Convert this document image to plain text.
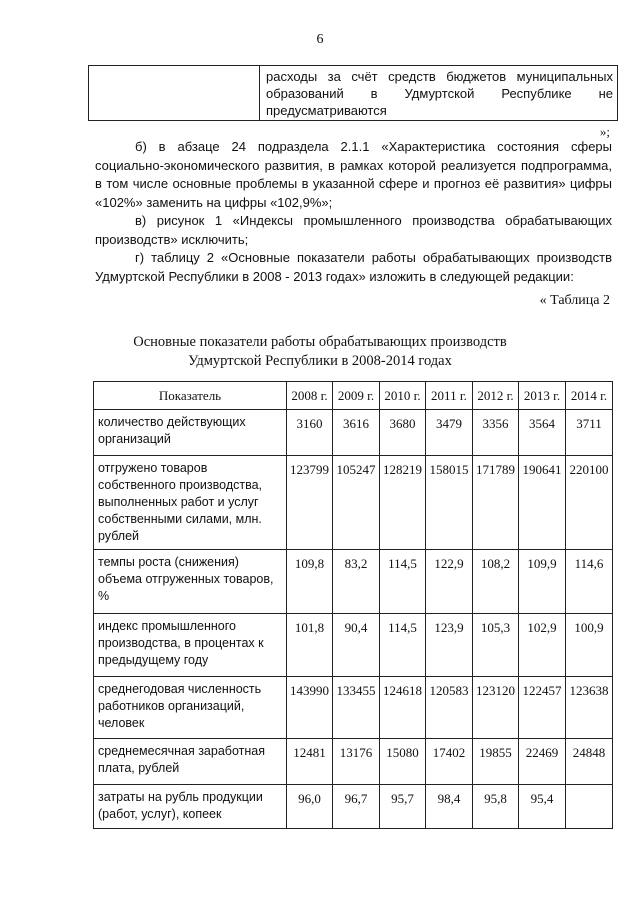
6
	расходы за счёт средств бюджетов муниципальных образований в Удмуртской Республике не предусматриваются
»;

б) в абзаце 24 подраздела 2.1.1 «Характеристика состояния сферы социально-экономического развития, в рамках которой реализуется подпрограмма, в том числе основные проблемы в указанной сфере и прогноз её развития» цифры «102%» заменить на цифры «102,9%»;

в) рисунок 1 «Индексы промышленного производства обрабатывающих производств» исключить;

г) таблицу 2 «Основные показатели работы обрабатывающих производств Удмуртской Республики в 2008 - 2013 годах» изложить в следующей редакции:

« Таблица 2
Основные показатели работы обрабатывающих производств
Удмуртской Республики в 2008-2014 годах
Показатель	2008 г.	2009 г.	2010 г.	2011 г.	2012 г.	2013 г.	2014 г.
количество действующих организаций	3160	3616	3680	3479	3356	3564	3711
отгружено товаров собственного производства, выполненных работ и услуг собственными силами, млн. рублей	123799	105247	128219	158015	171789	190641	220100
темпы роста (снижения) объема отгруженных товаров, %	109,8	83,2	114,5	122,9	108,2	109,9	114,6
индекс промышленного производства, в процентах к предыдущему году	101,8	90,4	114,5	123,9	105,3	102,9	100,9
среднегодовая численность работников организаций, человек	143990	133455	124618	120583	123120	122457	123638
среднемесячная заработная плата, рублей	12481	13176	15080	17402	19855	22469	24848
затраты на рубль продукции (работ, услуг), копеек	96,0	96,7	95,7	98,4	95,8	95,4	
